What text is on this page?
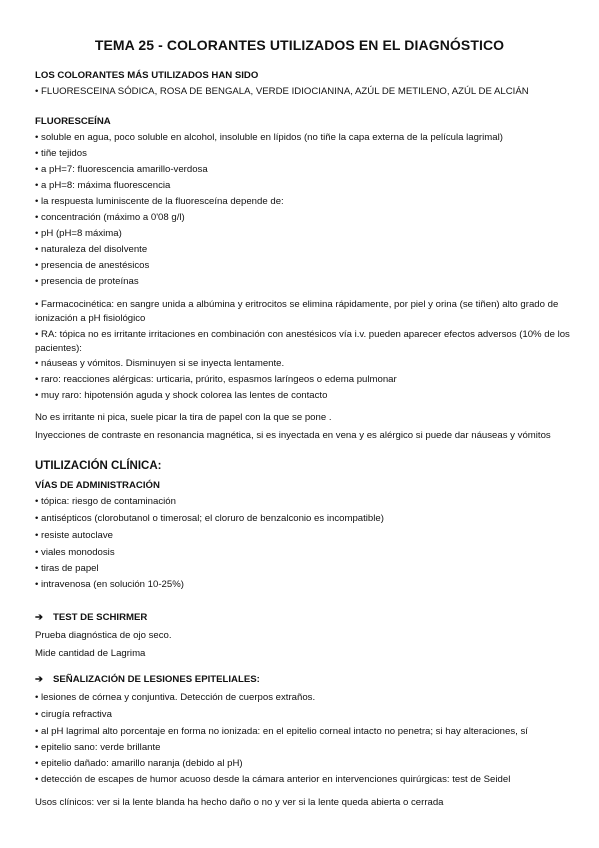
TEMA 25 - COLORANTES UTILIZADOS EN EL DIAGNÓSTICO
LOS COLORANTES MÁS UTILIZADOS HAN SIDO
• FLUORESCEINA SÓDICA, ROSA DE BENGALA, VERDE IDIOCIANINA, AZÚL DE METILENO, AZÚL DE ALCIÁN
FLUORESCEÍNA
• soluble en agua, poco soluble en alcohol, insoluble en lípidos (no tiñe la capa externa de la película lagrimal)
• tiñe tejidos
• a pH=7: fluorescencia amarillo-verdosa
• a pH=8: máxima fluorescencia
• la respuesta luminiscente de la fluoresceína depende de:
• concentración (máximo a 0'08 g/l)
• pH (pH=8 máxima)
• naturaleza del disolvente
• presencia de anestésicos
• presencia de proteínas
• Farmacocinética: en sangre unida a albúmina y eritrocitos se elimina rápidamente, por piel y orina (se tiñen) alto grado de ionización a pH fisiológico
• RA: tópica no es irritante irritaciones en combinación con anestésicos vía i.v. pueden aparecer efectos adversos (10% de los pacientes):
• náuseas y vómitos. Disminuyen si se inyecta lentamente.
• raro: reacciones alérgicas: urticaria, prúrito, espasmos laríngeos o edema pulmonar
• muy raro: hipotensión aguda y shock colorea las lentes de contacto
No es irritante ni pica, suele picar la tira de papel con la que se pone .
Inyecciones de contraste en resonancia magnética, si es inyectada en vena y es alérgico si puede dar náuseas y vómitos
UTILIZACIÓN CLÍNICA:
VÍAS DE ADMINISTRACIÓN
• tópica: riesgo de contaminación
• antisépticos (clorobutanol o timerosal; el cloruro de benzalconio es incompatible)
• resiste autoclave
• viales monodosis
• tiras de papel
• intravenosa (en solución 10-25%)
➔ TEST DE SCHIRMER
Prueba diagnóstica de ojo seco.
Mide cantidad de Lagrima
➔ SEÑALIZACIÓN DE LESIONES EPITELIALES:
• lesiones de córnea y conjuntiva. Detección de cuerpos extraños.
• cirugía refractiva
• al pH lagrimal alto porcentaje en forma no ionizada: en el epitelio corneal intacto no penetra; si hay alteraciones, sí
• epitelio sano: verde brillante
• epitelio dañado: amarillo naranja (debido al pH)
• detección de escapes de humor acuoso desde la cámara anterior en intervenciones quirúrgicas: test de Seidel
Usos clínicos: ver si la lente blanda ha hecho daño o no y ver si la lente queda abierta o cerrada
